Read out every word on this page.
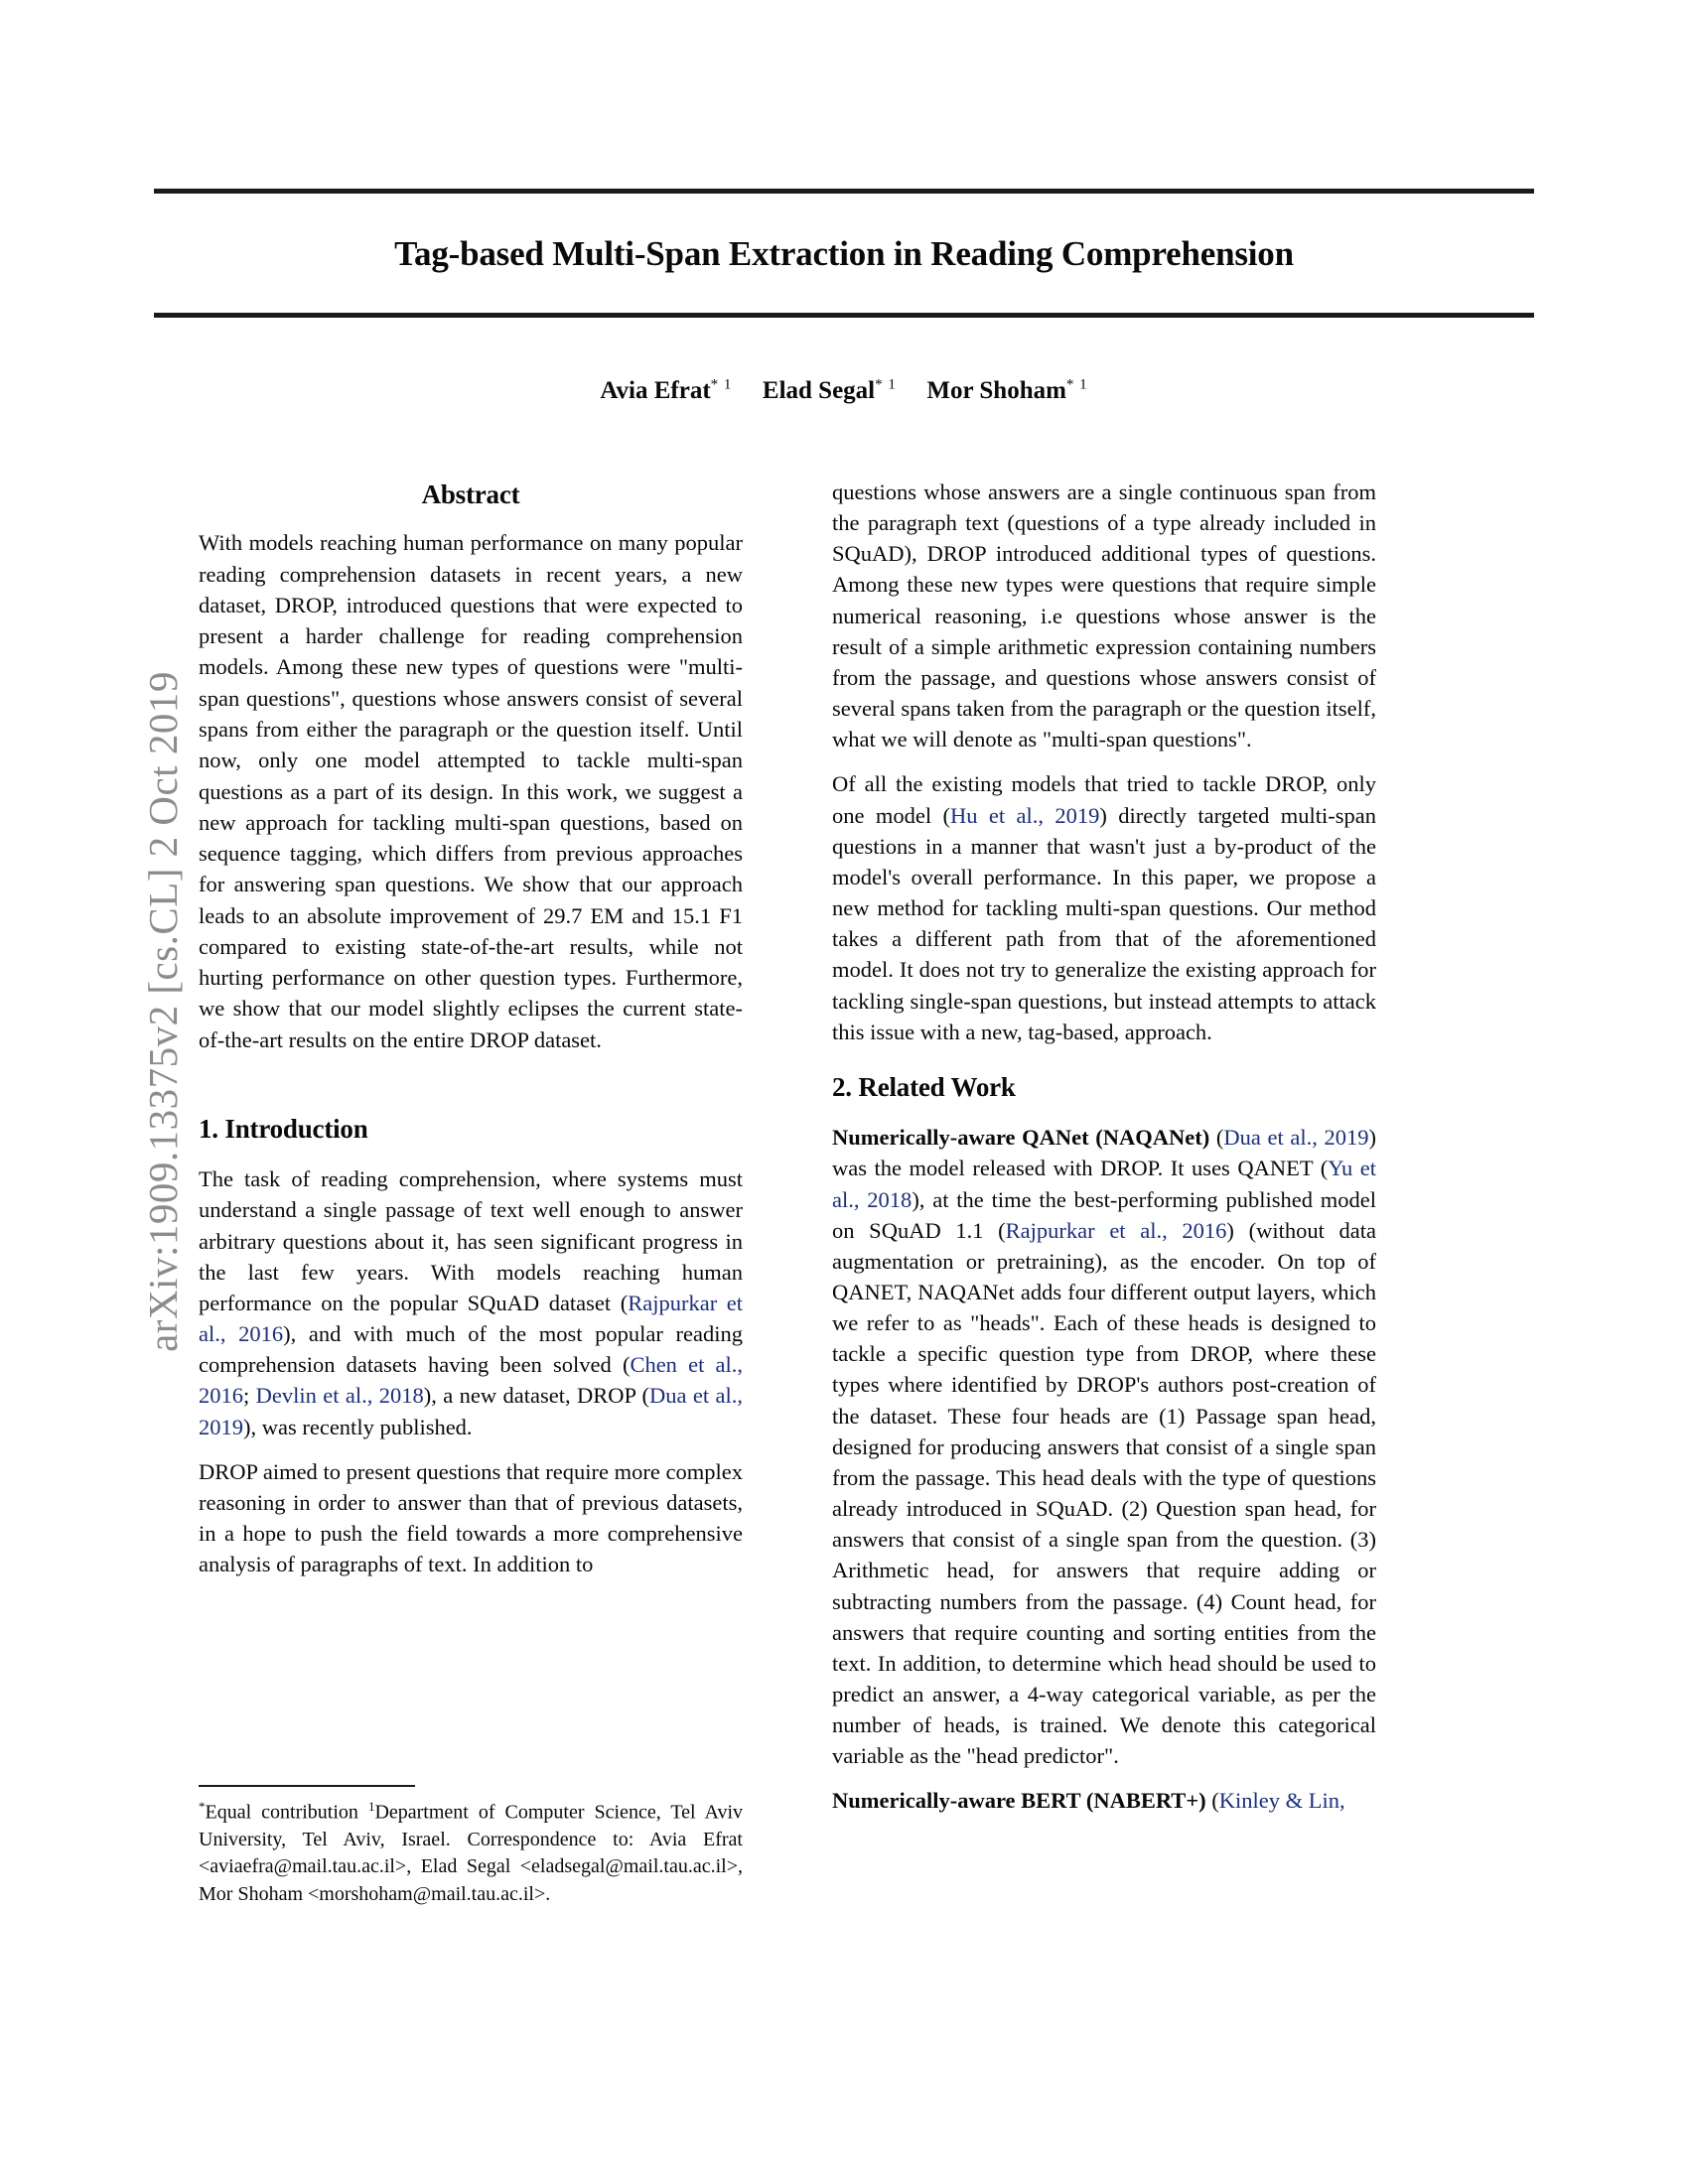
arXiv:1909.13375v2 [cs.CL] 2 Oct 2019
Tag-based Multi-Span Extraction in Reading Comprehension
Avia Efrat$^{* 1}$ Elad Segal$^{* 1}$ Mor Shoham$^{* 1}$
Abstract

With models reaching human performance on many popular reading comprehension datasets in recent years, a new dataset, DROP, introduced questions that were expected to present a harder challenge for reading comprehension models. Among these new types of questions were "multi-span questions", questions whose answers consist of several spans from either the paragraph or the question itself. Until now, only one model attempted to tackle multi-span questions as a part of its design. In this work, we suggest a new approach for tackling multi-span questions, based on sequence tagging, which differs from previous approaches for answering span questions. We show that our approach leads to an absolute improvement of 29.7 EM and 15.1 F1 compared to existing state-of-the-art results, while not hurting performance on other question types. Furthermore, we show that our model slightly eclipses the current state-of-the-art results on the entire DROP dataset.

1. Introduction

The task of reading comprehension, where systems must understand a single passage of text well enough to answer arbitrary questions about it, has seen significant progress in the last few years. With models reaching human performance on the popular SQuAD dataset (Rajpurkar et al., 2016), and with much of the most popular reading comprehension datasets having been solved (Chen et al., 2016; Devlin et al., 2018), a new dataset, DROP (Dua et al., 2019), was recently published.

DROP aimed to present questions that require more complex reasoning in order to answer than that of previous datasets, in a hope to push the field towards a more comprehensive analysis of paragraphs of text. In addition to

questions whose answers are a single continuous span from the paragraph text (questions of a type already included in SQuAD), DROP introduced additional types of questions. Among these new types were questions that require simple numerical reasoning, i.e questions whose answer is the result of a simple arithmetic expression containing numbers from the passage, and questions whose answers consist of several spans taken from the paragraph or the question itself, what we will denote as "multi-span questions".

Of all the existing models that tried to tackle DROP, only one model (Hu et al., 2019) directly targeted multi-span questions in a manner that wasn't just a by-product of the model's overall performance. In this paper, we propose a new method for tackling multi-span questions. Our method takes a different path from that of the aforementioned model. It does not try to generalize the existing approach for tackling single-span questions, but instead attempts to attack this issue with a new, tag-based, approach.

2. Related Work

Numerically-aware QANet (NAQANet) (Dua et al., 2019) was the model released with DROP. It uses QANET (Yu et al., 2018), at the time the best-performing published model on SQuAD 1.1 (Rajpurkar et al., 2016) (without data augmentation or pretraining), as the encoder. On top of QANET, NAQANet adds four different output layers, which we refer to as "heads". Each of these heads is designed to tackle a specific question type from DROP, where these types where identified by DROP's authors post-creation of the dataset. These four heads are (1) Passage span head, designed for producing answers that consist of a single span from the passage. This head deals with the type of questions already introduced in SQuAD. (2) Question span head, for answers that consist of a single span from the question. (3) Arithmetic head, for answers that require adding or subtracting numbers from the passage. (4) Count head, for answers that require counting and sorting entities from the text. In addition, to determine which head should be used to predict an answer, a 4-way categorical variable, as per the number of heads, is trained. We denote this categorical variable as the "head predictor".

Numerically-aware BERT (NABERT+) (Kinley & Lin,

*Equal contribution $^1$Department of Computer Science, Tel Aviv University, Tel Aviv, Israel. Correspondence to: Avia Efrat <aviaefra@mail.tau.ac.il>, Elad Segal <eladsegal@mail.tau.ac.il>, Mor Shoham <morshoham@mail.tau.ac.il>.
